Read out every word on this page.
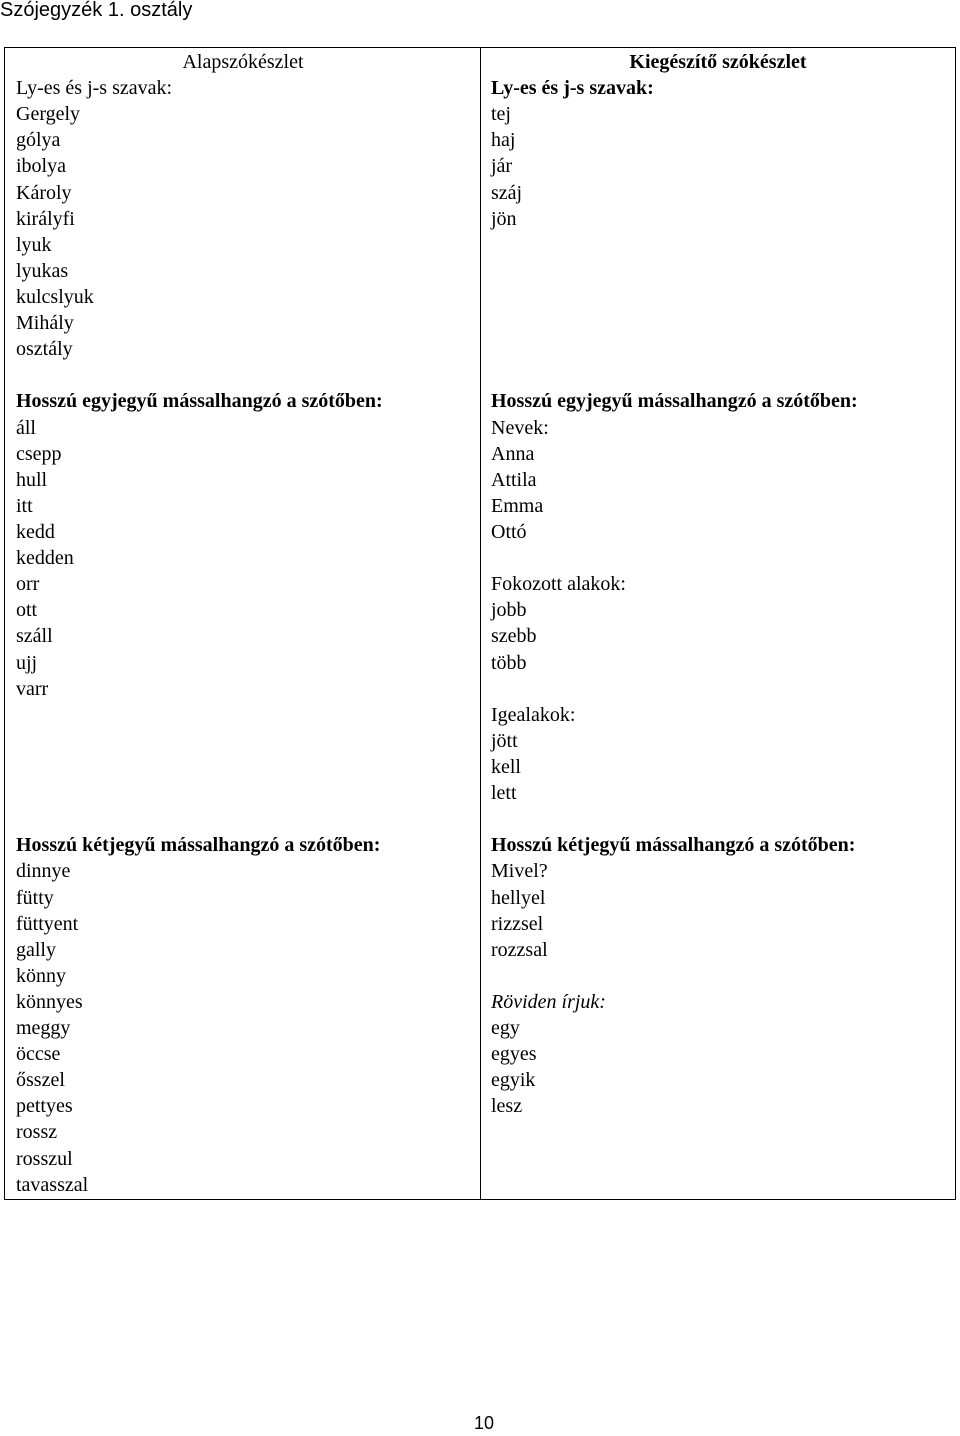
Szójegyzék 1. osztály
Alapszókészlet
Ly-es és j-s szavak:
Gergely
gólya
ibolya
Károly
királyfi
lyuk
lyukas
kulcslyuk
Mihály
osztály
Kiegészítő szókészlet
Ly-es és j-s szavak:
tej
haj
jár
száj
jön
Hosszú egyjegyű mássalhangzó a szótőben:
áll
csepp
hull
itt
kedd
kedden
orr
ott
száll
ujj
varr
Hosszú egyjegyű mássalhangzó a szótőben:
Nevek:
Anna
Attila
Emma
Ottó
Fokozott alakok:
jobb
szebb
több
Igealakok:
jött
kell
lett
Hosszú kétjegyű mássalhangzó a szótőben:
dinnye
fütty
füttyent
gally
könny
könnyes
meggy
öccse
ősszel
pettyes
rossz
rosszul
tavasszal
Hosszú kétjegyű mássalhangzó a szótőben:
Mivel?
hellyel
rizzsel
rozzsal
Röviden írjuk:
egy
egyes
egyik
lesz
10
